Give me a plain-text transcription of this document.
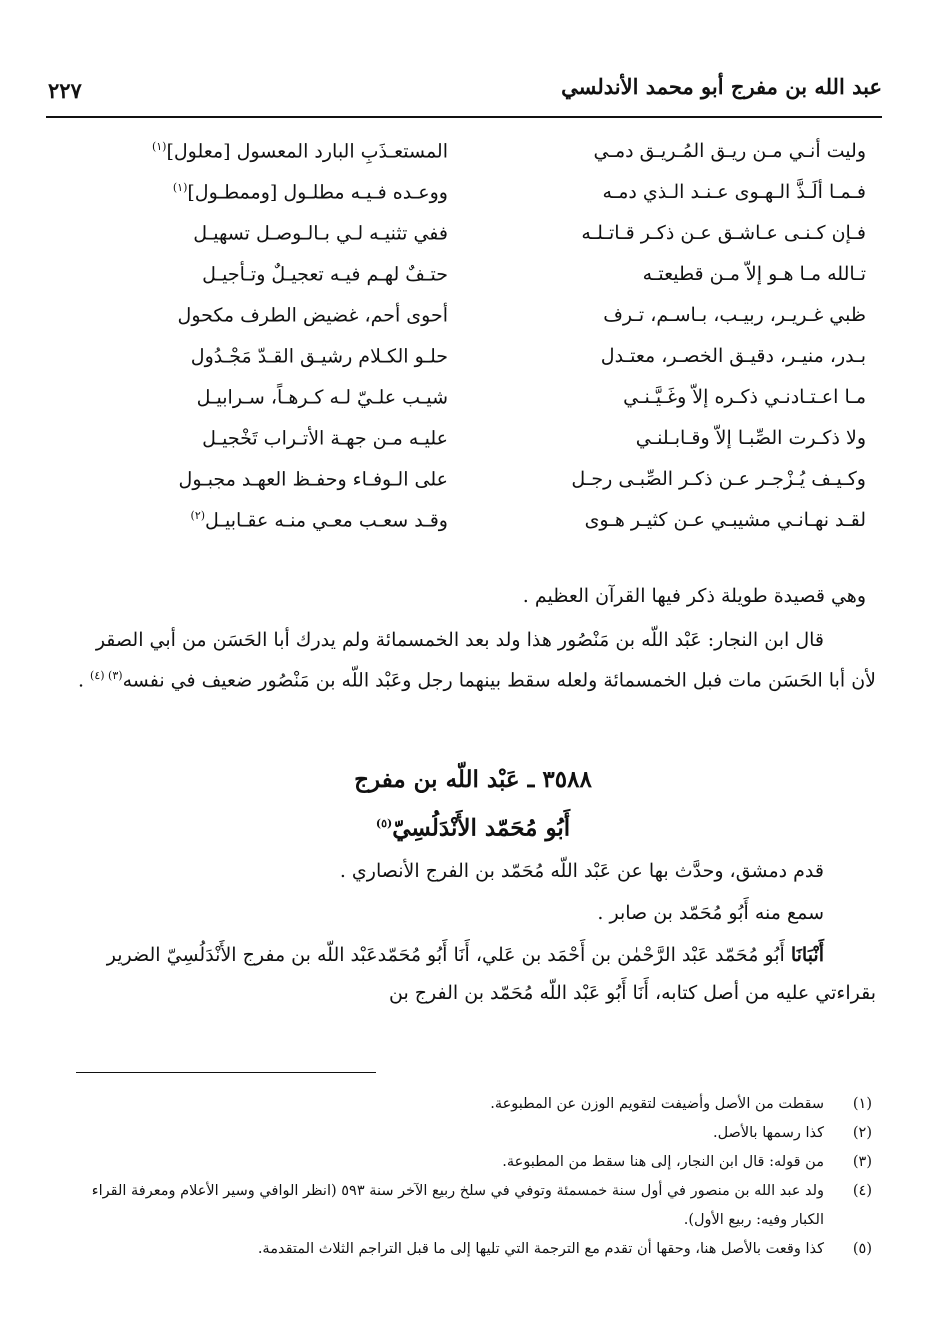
عبد الله بن مفرج أبو محمد الأندلسي
٢٢٧
وليت أنـي مـن ريـق المُـريـق دمـي
المستعـذَبِ البارد المعسول [معلول]$^{(١)}$
فـمـا ألَـذَّ الـهـوى عـنـد الـذي دمـه
ووعـده فـيـه مطلـول [وممطـول]$^{(١)}$
فـإن كـنـى عـاشـق عـن ذكـر قـاتـلـه
ففي تثنيـه لـي بـالـوصـل تسهيـل
تـالله مـا هـو إلاّ مـن قطيعتـه
حتـفٌ لهـم فيـه تعجيـلٌ وتـأجيـل
ظبي غـريـر، ربيـب، بـاسـم، تـرف
أحوى أحم، غضيض الطرف مكحول
بـدر، منيـر، دقيـق الخصـر، معتـدل
حلـو الكـلام رشيـق القـدّ مَجْـدُول
مـا اعـتـادنـي ذكـره إلاّ وغَـيَّـنـي
شيـب علـيّ لـه كـرهـاً، سـرابيـل
ولا ذكـرت الصِّبـا إلاّ وقـابـلنـي
عليـه مـن جهـة الأتـراب تَخْجيـل
وكـيـف يُـزْجـر عـن ذكـر الصِّبـى رجـل
على الـوفـاء وحفـظ العهـد مجبـول
لقـد نهـانـي مشيبـي عـن كثيـر هـوى
وقـد سعـب معـي منـه عقـابيـل$^{(٢)}$
وهي قصيدة طويلة ذكر فيها القرآن العظيم .

قال ابن النجار: عَبْد اللّه بن مَنْصُور هذا ولد بعد الخمسمائة ولم يدرك أبا الحَسَن من أبي الصقر لأن أبا الحَسَن مات فبل الخمسمائة ولعله سقط بينهما رجل وعَبْد اللّه بن مَنْصُور ضعيف في نفسه$^{(٣) (٤)}$ .

٣٥٨٨ ـ عَبْد اللّه بن مفرج
أَبُو مُحَمّد الأَنْدَلُسِيّ$^{(٥)}$

قدم دمشق، وحدَّث بها عن عَبْد اللّه مُحَمّد بن الفرج الأنصاري .

سمع منه أَبُو مُحَمّد بن صابر .

أَنْبَانَا أَبُو مُحَمّد عَبْد الرَّحْمٰن بن أَحْمَد بن عَلي، أَنَا أَبُو مُحَمّدعَبْد اللّه بن مفرج الأَنْدَلُسِيّ الضرير بقراءتي عليه من أصل كتابه، أَنَا أَبُو عَبْد اللّه مُحَمّد بن الفرج بن

(١)
سقطت من الأصل وأضيفت لتقويم الوزن عن المطبوعة.
(٢)
كذا رسمها بالأصل.
(٣)
من قوله: قال ابن النجار، إلى هنا سقط من المطبوعة.
(٤)
ولد عبد الله بن منصور في أول سنة خمسمئة وتوفي في سلخ ربيع الآخر سنة ٥٩٣ (انظر الوافي وسير الأعلام ومعرفة القراء الكبار وفيه: ربيع الأول).
(٥)
كذا وقعت بالأصل هنا، وحقها أن تقدم مع الترجمة التي تليها إلى ما قبل التراجم الثلاث المتقدمة.
